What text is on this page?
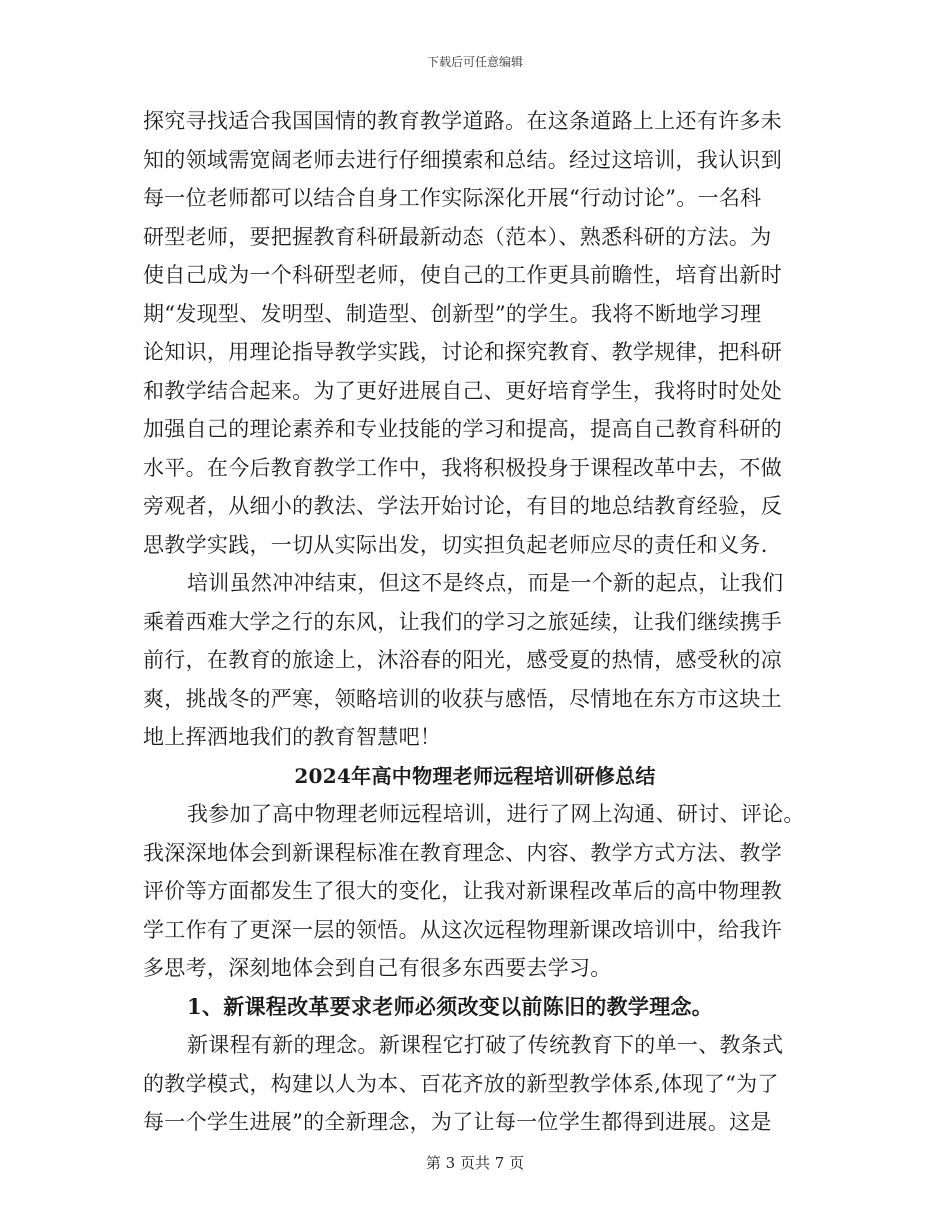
下载后可任意编辑
探究寻找适合我国国情的教育教学道路。在这条道路上上还有许多未
知的领域需宽阔老师去进行仔细摸索和总结。经过这培训，我认识到
每一位老师都可以结合自身工作实际深化开展“行动讨论”。一名科
研型老师，要把握教育科研最新动态（范本）、熟悉科研的方法。为
使自己成为一个科研型老师，使自己的工作更具前瞻性，培育出新时
期“发现型、发明型、制造型、创新型”的学生。我将不断地学习理
论知识，用理论指导教学实践，讨论和探究教育、教学规律，把科研
和教学结合起来。为了更好进展自己、更好培育学生，我将时时处处
加强自己的理论素养和专业技能的学习和提高，提高自己教育科研的
水平。在今后教育教学工作中，我将积极投身于课程改革中去，不做
旁观者，从细小的教法、学法开始讨论，有目的地总结教育经验，反
思教学实践，一切从实际出发，切实担负起老师应尽的责任和义务.
培训虽然冲冲结束，但这不是终点，而是一个新的起点，让我们
乘着西难大学之行的东风，让我们的学习之旅延续，让我们继续携手
前行，在教育的旅途上，沐浴春的阳光，感受夏的热情，感受秋的凉
爽，挑战冬的严寒，领略培训的收获与感悟，尽情地在东方市这块土
地上挥洒地我们的教育智慧吧！
2024年高中物理老师远程培训研修总结
我参加了高中物理老师远程培训，进行了网上沟通、研讨、评论。
我深深地体会到新课程标准在教育理念、内容、教学方式方法、教学
评价等方面都发生了很大的变化，让我对新课程改革后的高中物理教
学工作有了更深一层的领悟。从这次远程物理新课改培训中，给我许
多思考，深刻地体会到自己有很多东西要去学习。
1、新课程改革要求老师必须改变以前陈旧的教学理念。
新课程有新的理念。新课程它打破了传统教育下的单一、教条式
的教学模式，构建以人为本、百花齐放的新型教学体系,体现了“为了
每一个学生进展”的全新理念，为了让每一位学生都得到进展。这是
第 3 页共 7 页
